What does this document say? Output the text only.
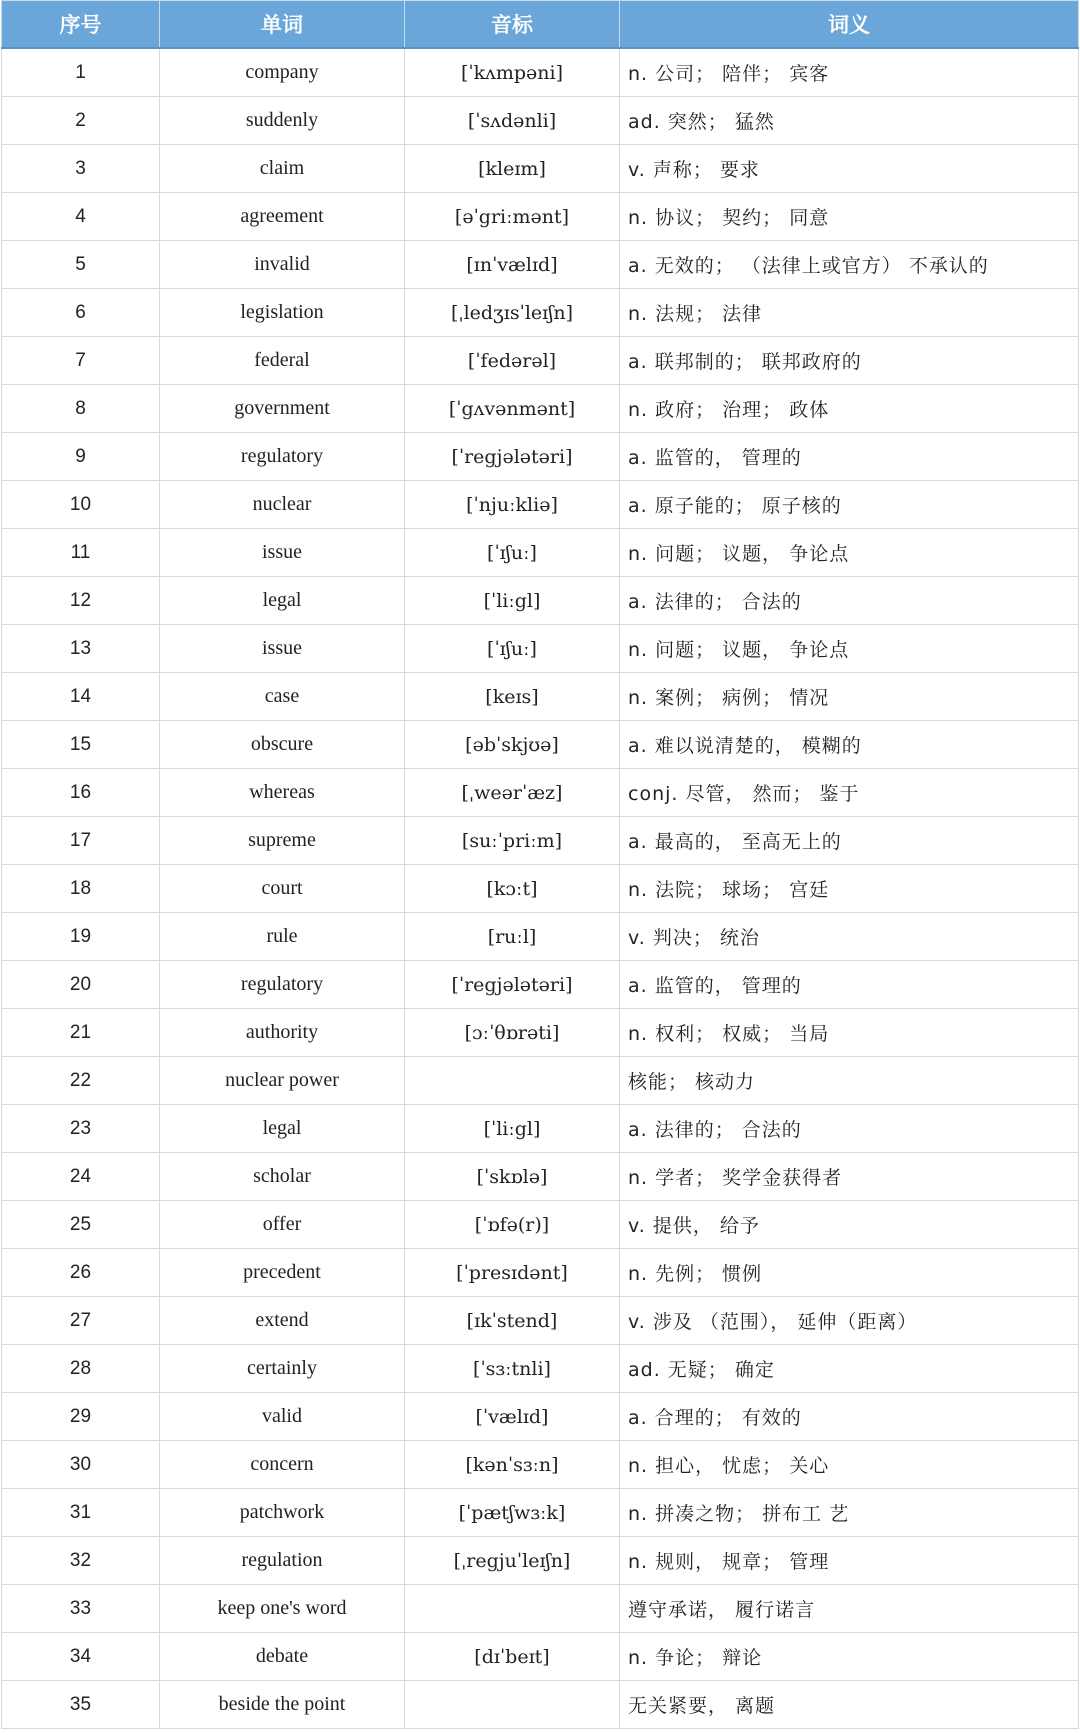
序号	单词	音标	词义
1	company	[ˈkʌmpəni]	n. 公司； 陪伴； 宾客
2	suddenly	[ˈsʌdənli]	ad. 突然； 猛然
3	claim	[kleɪm]	v. 声称； 要求
4	agreement	[əˈgriːmənt]	n. 协议； 契约； 同意
5	invalid	[ɪnˈvælɪd]	a. 无效的； （法律上或官方） 不承认的
6	legislation	[ˌledʒɪsˈleɪʃn]	n. 法规； 法律
7	federal	[ˈfedərəl]	a. 联邦制的； 联邦政府的
8	government	[ˈgʌvənmənt]	n. 政府； 治理； 政体
9	regulatory	[ˈregjələtəri]	a. 监管的， 管理的
10	nuclear	[ˈnjuːkliə]	a. 原子能的； 原子核的
11	issue	[ˈɪʃuː]	n. 问题； 议题， 争论点
12	legal	[ˈliːgl]	a. 法律的； 合法的
13	issue	[ˈɪʃuː]	n. 问题； 议题， 争论点
14	case	[keɪs]	n. 案例； 病例； 情况
15	obscure	[əbˈskjʊə]	a. 难以说清楚的， 模糊的
16	whereas	[ˌweərˈæz]	conj. 尽管， 然而； 鉴于
17	supreme	[suːˈpriːm]	a. 最高的， 至高无上的
18	court	[kɔːt]	n. 法院； 球场； 宫廷
19	rule	[ruːl]	v. 判决； 统治
20	regulatory	[ˈregjələtəri]	a. 监管的， 管理的
21	authority	[ɔːˈθɒrəti]	n. 权利； 权威； 当局
22	nuclear power		核能； 核动力
23	legal	[ˈliːgl]	a. 法律的； 合法的
24	scholar	[ˈskɒlə]	n. 学者； 奖学金获得者
25	offer	[ˈɒfə(r)]	v. 提供， 给予
26	precedent	[ˈpresɪdənt]	n. 先例； 惯例
27	extend	[ɪkˈstend]	v. 涉及 （范围）， 延伸（距离）
28	certainly	[ˈsɜːtnli]	ad. 无疑； 确定
29	valid	[ˈvælɪd]	a. 合理的； 有效的
30	concern	[kənˈsɜːn]	n. 担心， 忧虑； 关心
31	patchwork	[ˈpætʃwɜːk]	n. 拼凑之物； 拼布工 艺
32	regulation	[ˌregjuˈleɪʃn]	n. 规则， 规章； 管理
33	keep one's word		遵守承诺， 履行诺言
34	debate	[dɪˈbeɪt]	n. 争论； 辩论
35	beside the point		无关紧要， 离题
